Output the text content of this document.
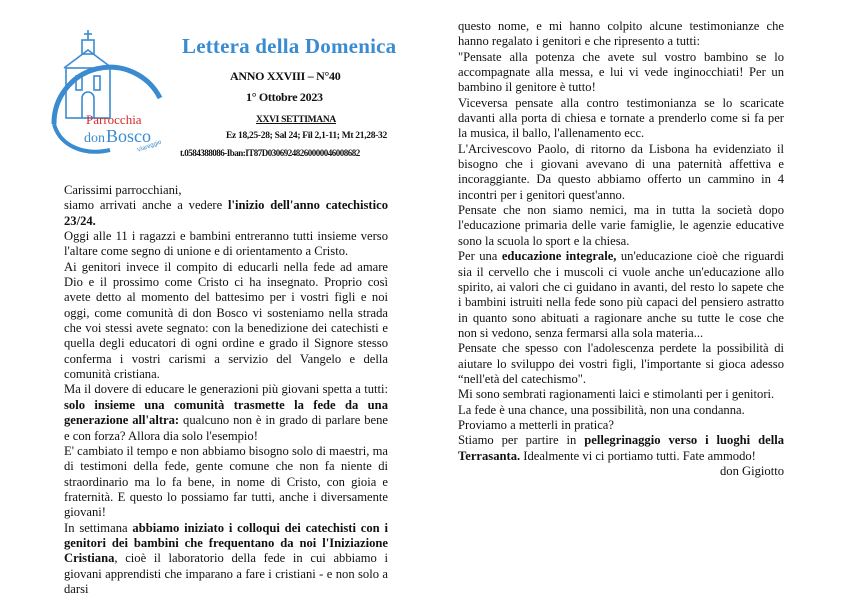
Parrocchia
don Bosco
Viareggio
Lettera della Domenica
ANNO XXVIII – N°40
1° Ottobre 2023
XXVI SETTIMANA
Ez 18,25-28; Sal 24; Fil 2,1-11; Mt 21,28-32
t.0584388086-Iban:IT87D03069248260000046008682

Carissimi parrocchiani,

siamo arrivati anche a vedere l'inizio dell'anno catechistico 23/24.

Oggi alle 11 i ragazzi e bambini entreranno tutti insieme verso l'altare come segno di unione e di orientamento a Cristo.

Ai genitori invece il compito di educarli nella fede ad amare Dio e il prossimo come Cristo ci ha insegnato. Proprio così avete detto al momento del battesimo per i vostri figli e noi oggi, come comunità di don Bosco vi sosteniamo nella strada che voi stessi avete segnato: con la benedizione dei catechisti e quella degli educatori di ogni ordine e grado il Signore stesso conferma i vostri carismi a servizio del Vangelo e della comunità cristiana.

Ma il dovere di educare le generazioni più giovani spetta a tutti: solo insieme una comunità trasmette la fede da una generazione all'altra: qualcuno non è in grado di parlare bene e con forza? Allora dia solo l'esempio!

E' cambiato il tempo e non abbiamo bisogno solo di maestri, ma di testimoni della fede, gente comune che non fa niente di straordinario ma lo fa bene, in nome di Cristo, con gioia e fraternità. E questo lo possiamo far tutti, anche i diversamente giovani!

In settimana abbiamo iniziato i colloqui dei catechisti con i genitori dei bambini che frequentano da noi l'Iniziazione Cristiana, cioè il laboratorio della fede in cui abbiamo i giovani apprendisti che imparano a fare i cristiani - e non solo a darsi

questo nome, e mi hanno colpito alcune testimonianze che hanno regalato i genitori e che ripresento a tutti:

"Pensate alla potenza che avete sul vostro bambino se lo accompagnate alla messa, e lui vi vede inginocchiati! Per un bambino il genitore è tutto!

Viceversa pensate alla contro testimonianza se lo scaricate davanti alla porta di chiesa e tornate a prenderlo come si fa per la musica, il ballo, l'allenamento ecc.

L'Arcivescovo Paolo, di ritorno da Lisbona ha evidenziato il bisogno che i giovani avevano di una paternità affettiva e incoraggiante. Da questo abbiamo offerto un cammino in 4 incontri per i genitori quest'anno.

Pensate che non siamo nemici, ma in tutta la società dopo l'educazione primaria delle varie famiglie, le agenzie educative sono la scuola lo sport e la chiesa.

Per una educazione integrale, un'educazione cioè che riguardi sia il cervello che i muscoli ci vuole anche un'educazione allo spirito, ai valori che ci guidano in avanti, del resto lo sapete che i bambini istruiti nella fede sono più capaci del pensiero astratto in quanto sono abituati a ragionare anche su tutte le cose che non si vedono, senza fermarsi alla sola materia...

Pensate che spesso con l'adolescenza perdete la possibilità di aiutare lo sviluppo dei vostri figli, l'importante si gioca adesso “nell'età del catechismo".

Mi sono sembrati ragionamenti laici e stimolanti per i genitori.

La fede è una chance, una possibilità, non una condanna.

Proviamo a metterli in pratica?

Stiamo per partire in pellegrinaggio verso i luoghi della Terrasanta. Idealmente vi ci portiamo tutti. Fate ammodo!

don Gigiotto
